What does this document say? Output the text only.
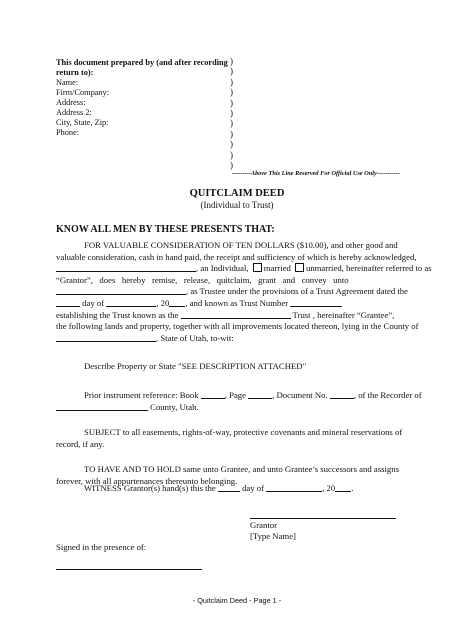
This document prepared by (and after recording
return to):
Name:
Firm/Company:
Address:
Address 2:
City, State, Zip:
Phone:
)
)
)
)
)
)
)
)
)
)
)
---------Above This Line Reserved For Official Use Only-----------
QUITCLAIM DEED
(Individual to Trust)
KNOW ALL MEN BY THESE PRESENTS THAT:
FOR VALUABLE CONSIDERATION OF TEN DOLLARS ($10.00), and other good and
valuable consideration, cash in hand paid, the receipt and sufficiency of which is hereby acknowledged,
, an Individual, married unmarried, hereinafter referred to as
“Grantor”,   does   hereby   remise,   release,   quitclaim,   grant   and   convey   unto
, as Trustee under the provisions of a Trust Agreement dated the
day of	, 20 , and known as Trust Number
establishing the Trust known as the	Trust , hereinafter “Grantee”,
the following lands and property, together with all improvements located thereon, lying in the County of
, State of Utah, to-wit:
Describe Property or State "SEE DESCRIPTION ATTACHED"
Prior instrument reference: Book	, Page	, Document No.	, of the Recorder of
County, Utah.
SUBJECT to all easements, rights-of-way, protective covenants and mineral reservations of
record, if any.
TO HAVE AND TO HOLD same unto Grantee, and unto Grantee’s successors and assigns
forever, with all appurtenances thereunto belonging.
WITNESS Grantor(s) hand(s) this the	day of	, 20 .
Grantor
[Type Name]
Signed in the presence of:
- Quitclaim Deed - Page 1 -
